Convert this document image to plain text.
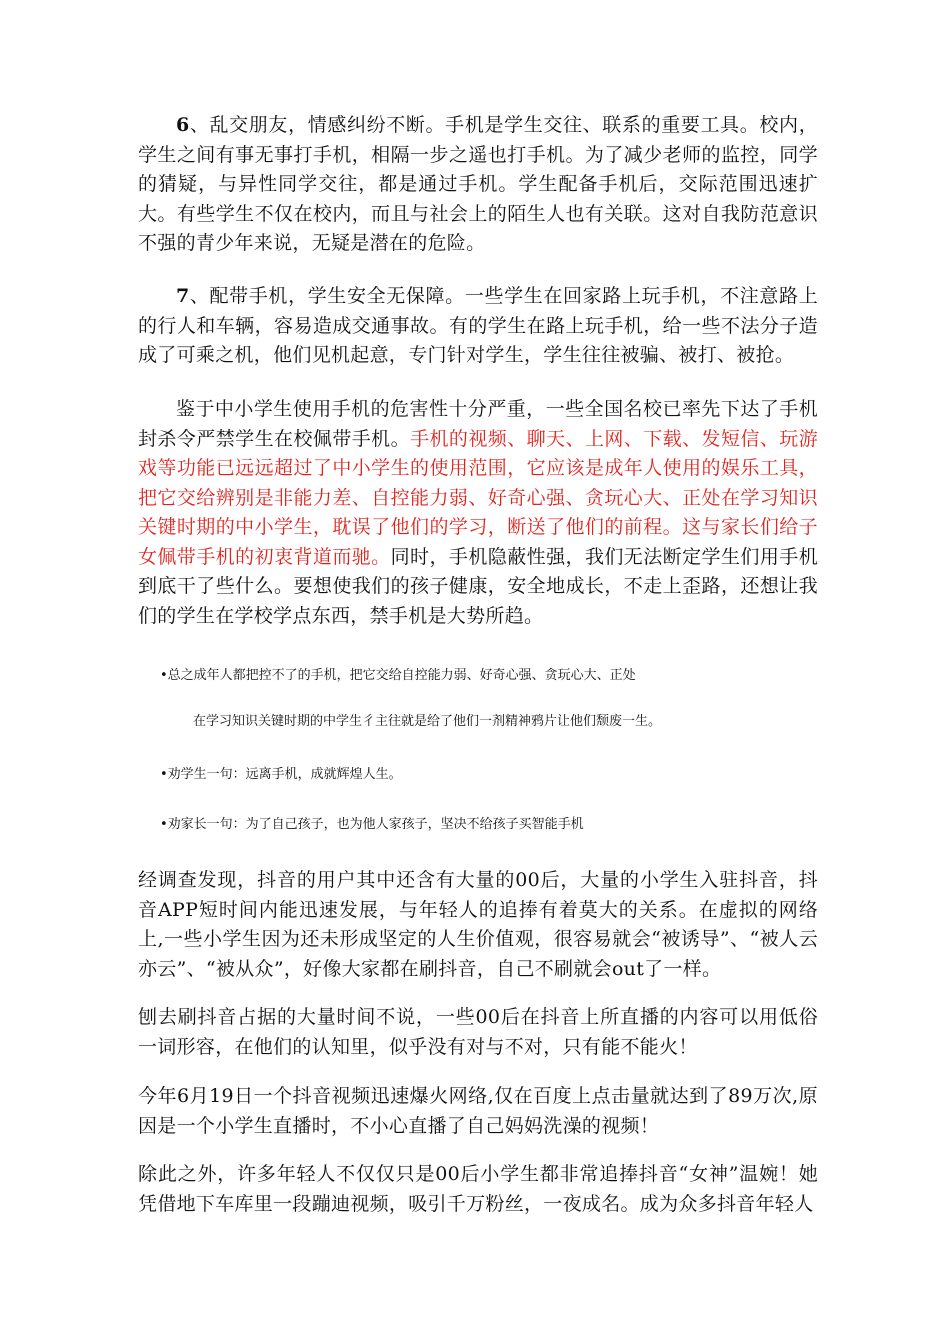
6、乱交朋友，情感纠纷不断。手机是学生交往、联系的重要工具。校内，学生之间有事无事打手机，相隔一步之遥也打手机。为了减少老师的监控，同学的猜疑，与异性同学交往，都是通过手机。学生配备手机后，交际范围迅速扩大。有些学生不仅在校内，而且与社会上的陌生人也有关联。这对自我防范意识不强的青少年来说，无疑是潜在的危险。

7、配带手机，学生安全无保障。一些学生在回家路上玩手机，不注意路上的行人和车辆，容易造成交通事故。有的学生在路上玩手机，给一些不法分子造成了可乘之机，他们见机起意，专门针对学生，学生往往被骗、被打、被抢。

鉴于中小学生使用手机的危害性十分严重，一些全国名校已率先下达了手机封杀令严禁学生在校佩带手机。手机的视频、聊天、上网、下载、发短信、玩游戏等功能已远远超过了中小学生的使用范围，它应该是成年人使用的娱乐工具，把它交给辨别是非能力差、自控能力弱、好奇心强、贪玩心大、正处在学习知识关键时期的中小学生，耽误了他们的学习，断送了他们的前程。这与家长们给子女佩带手机的初衷背道而驰。同时，手机隐蔽性强，我们无法断定学生们用手机到底干了些什么。要想使我们的孩子健康，安全地成长，不走上歪路，还想让我们的学生在学校学点东西，禁手机是大势所趋。

•总之成年人都把控不了的手机，把它交给自控能力弱、好奇心强、贪玩心大、正处

在学习知识关键时期的中学生彳主往就是给了他们一剂精神鸦片让他们颓废一生。

•劝学生一句：远离手机，成就辉煌人生。

•劝家长一句：为了自己孩子，也为他人家孩子，坚决不给孩子买智能手机

经调查发现，抖音的用户其中还含有大量的00后，大量的小学生入驻抖音，抖音APP短时间内能迅速发展，与年轻人的追捧有着莫大的关系。在虚拟的网络上,一些小学生因为还未形成坚定的人生价值观，很容易就会“被诱导”、“被人云亦云”、“被从众”，好像大家都在刷抖音，自己不刷就会out了一样。

刨去刷抖音占据的大量时间不说，一些00后在抖音上所直播的内容可以用低俗一词形容，在他们的认知里，似乎没有对与不对，只有能不能火！

今年6月19日一个抖音视频迅速爆火网络,仅在百度上点击量就达到了89万次,原因是一个小学生直播时，不小心直播了自己妈妈洗澡的视频！

除此之外，许多年轻人不仅仅只是00后小学生都非常追捧抖音“女神”温婉！她凭借地下车库里一段蹦迪视频，吸引千万粉丝，一夜成名。成为众多抖音年轻人
